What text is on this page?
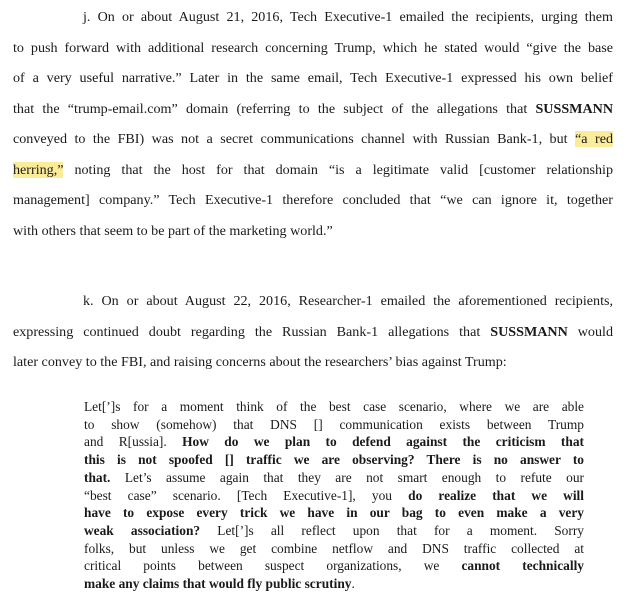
j. On or about August 21, 2016, Tech Executive-1 emailed the recipients, urging them
to push forward with additional research concerning Trump, which he stated would “give the base
of a very useful narrative.” Later in the same email, Tech Executive-1 expressed his own belief
that the “trump-email.com” domain (referring to the subject of the allegations that SUSSMANN
conveyed to the FBI) was not a secret communications channel with Russian Bank-1, but “a red
herring,” noting that the host for that domain “is a legitimate valid [customer relationship
management] company.” Tech Executive-1 therefore concluded that “we can ignore it, together
with others that seem to be part of the marketing world.”
k. On or about August 22, 2016, Researcher-1 emailed the aforementioned recipients,
expressing continued doubt regarding the Russian Bank-1 allegations that SUSSMANN would
later convey to the FBI, and raising concerns about the researchers’ bias against Trump:
Let[’]s for a moment think of the best case scenario, where we are able
to show (somehow) that DNS [] communication exists between Trump
and R[ussia]. How do we plan to defend against the criticism that
this is not spoofed [] traffic we are observing? There is no answer to
that. Let’s assume again that they are not smart enough to refute our
“best case” scenario. [Tech Executive-1], you do realize that we will
have to expose every trick we have in our bag to even make a very
weak association? Let[’]s all reflect upon that for a moment. Sorry
folks, but unless we get combine netflow and DNS traffic collected at
critical points between suspect organizations, we cannot technically
make any claims that would fly public scrutiny.
